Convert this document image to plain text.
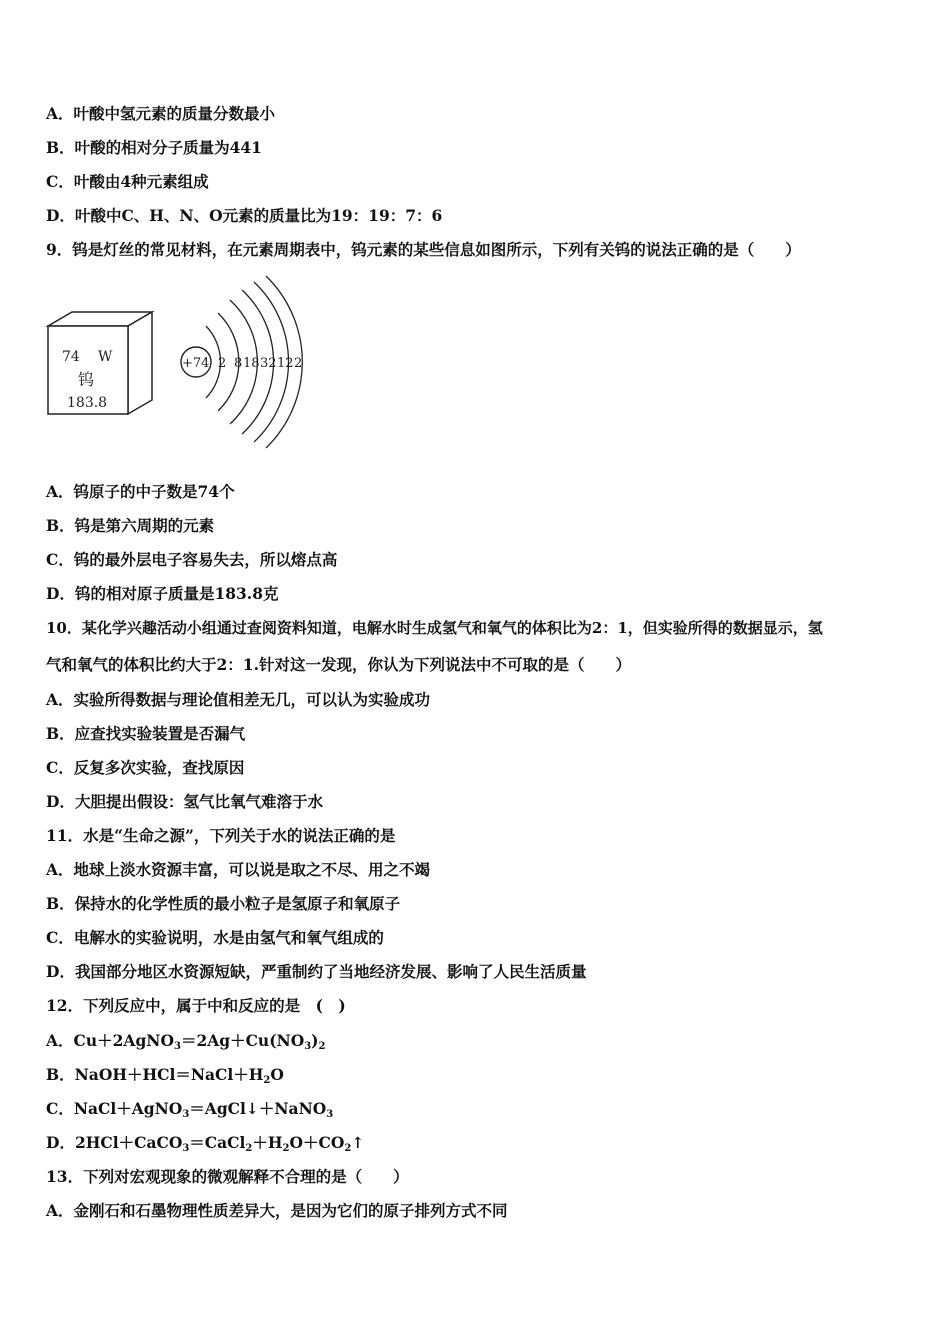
A．叶酸中氢元素的质量分数最小
B．叶酸的相对分子质量为441
C．叶酸由4种元素组成
D．叶酸中C、H、N、O元素的质量比为19：19：7：6
9．钨是灯丝的常见材料，在元素周期表中，钨元素的某些信息如图所示，下列有关钨的说法正确的是（　　）
74 W
钨
183.8
+74 2 8 18 32 12 2
A．钨原子的中子数是74个
B．钨是第六周期的元素
C．钨的最外层电子容易失去，所以熔点高
D．钨的相对原子质量是183.8克
10．某化学兴趣活动小组通过查阅资料知道，电解水时生成氢气和氧气的体积比为2：1，但实验所得的数据显示，氢
气和氧气的体积比约大于2：1.针对这一发现，你认为下列说法中不可取的是（　　）
A．实验所得数据与理论值相差无几，可以认为实验成功
B．应查找实验装置是否漏气
C．反复多次实验，查找原因
D．大胆提出假设：氢气比氧气难溶于水
11．水是“生命之源”，下列关于水的说法正确的是
A．地球上淡水资源丰富，可以说是取之不尽、用之不竭
B．保持水的化学性质的最小粒子是氢原子和氧原子
C．电解水的实验说明，水是由氢气和氧气组成的
D．我国部分地区水资源短缺，严重制约了当地经济发展、影响了人民生活质量
12．下列反应中，属于中和反应的是　(　)
A．$Cu+2AgNO_3=2Ag+Cu(NO_3)_2$
B．$NaOH+HCl=NaCl+H_2O$
C．NaCl＋AgNO$_3$＝AgCl↓＋NaNO$_3$
D．$2HCl+CaCO_3=CaCl_2+H_2O+CO_2↑$
13．下列对宏观现象的微观解释不合理的是（　　）
A．金刚石和石墨物理性质差异大，是因为它们的原子排列方式不同
